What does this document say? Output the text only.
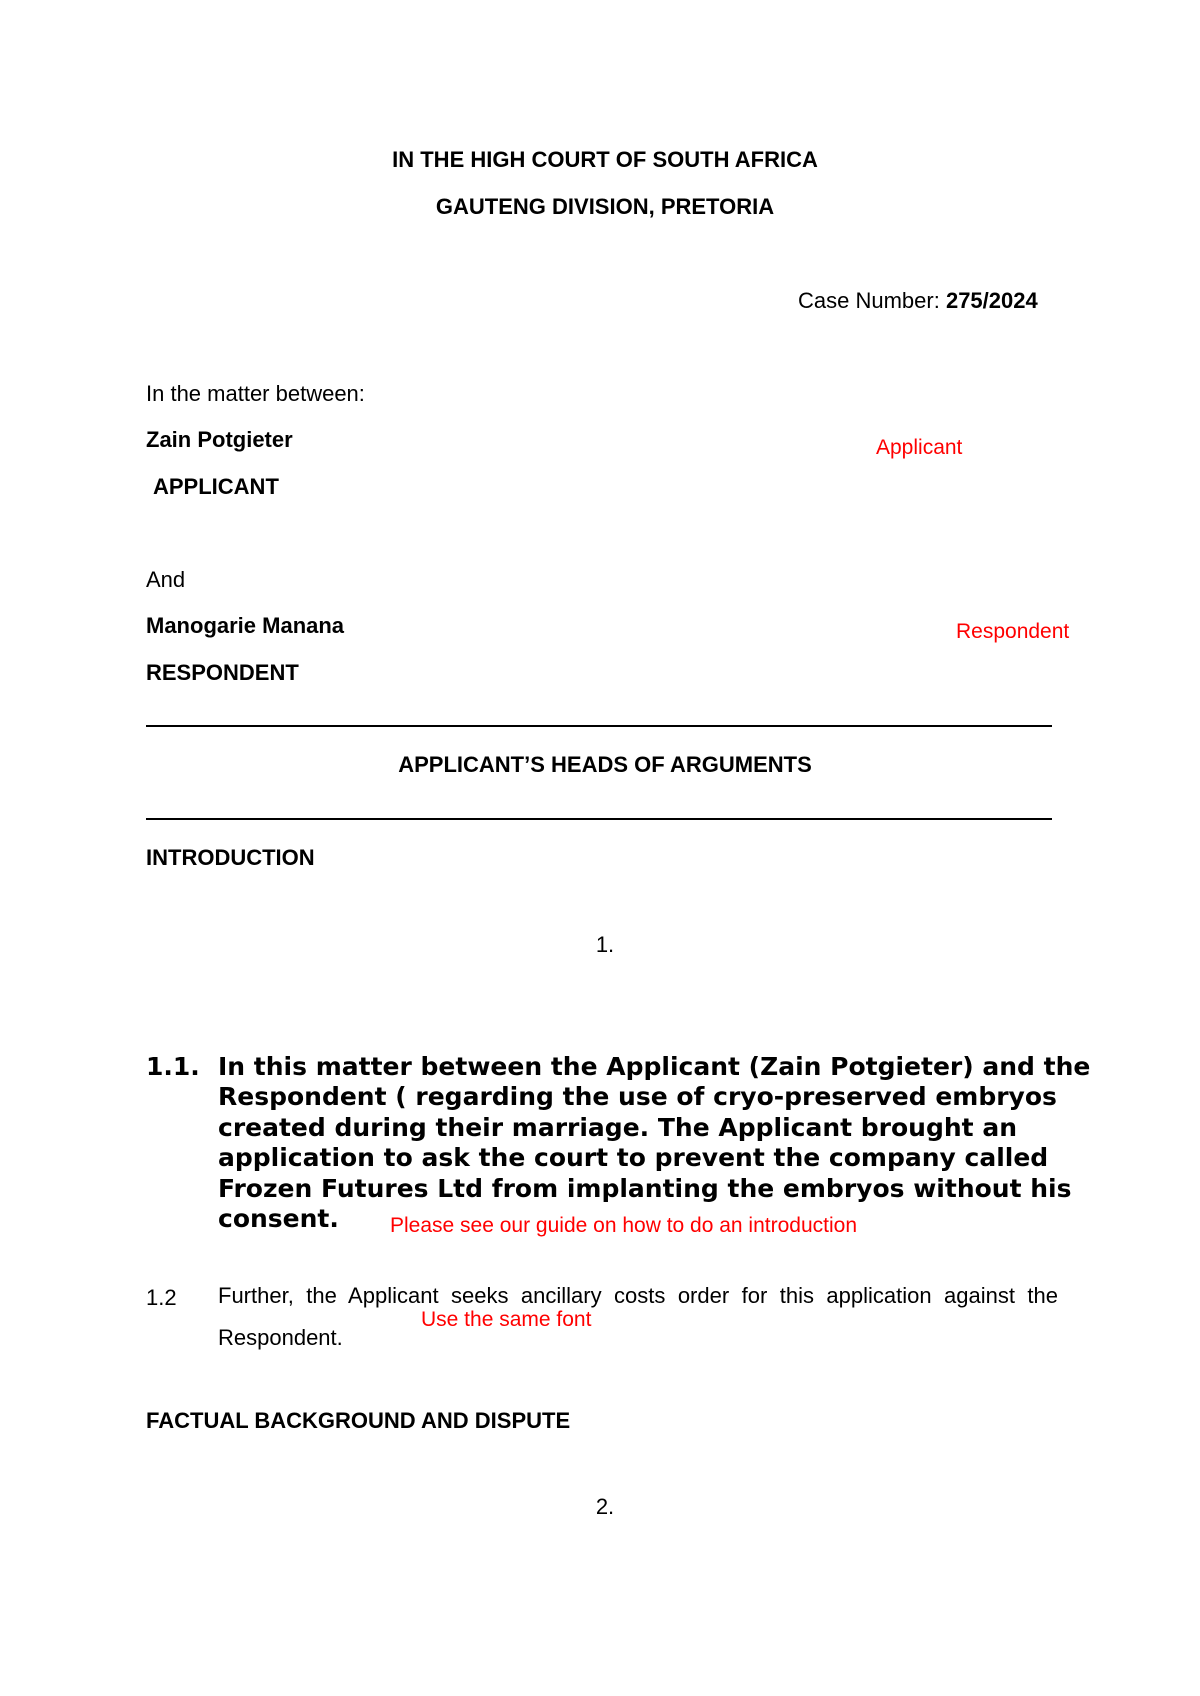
IN THE HIGH COURT OF SOUTH AFRICA
GAUTENG DIVISION, PRETORIA
Case Number: 275/2024
In the matter between:
Zain Potgieter
APPLICANT
And
Manogarie Manana
RESPONDENT
Applicant
Respondent
APPLICANT’S HEADS OF ARGUMENTS
INTRODUCTION
1.
1.1. In this matter between the Applicant (Zain Potgieter) and the
Respondent ( regarding the use of cryo-preserved embryos
created during their marriage. The Applicant brought an
application to ask the court to prevent the company called
Frozen Futures Ltd from implanting the embryos without his
consent. Please see our guide on how to do an introduction
1.2 Further, the Applicant seeks ancillary costs order for this application against the Respondent.
Use the same font
FACTUAL BACKGROUND AND DISPUTE
2.
